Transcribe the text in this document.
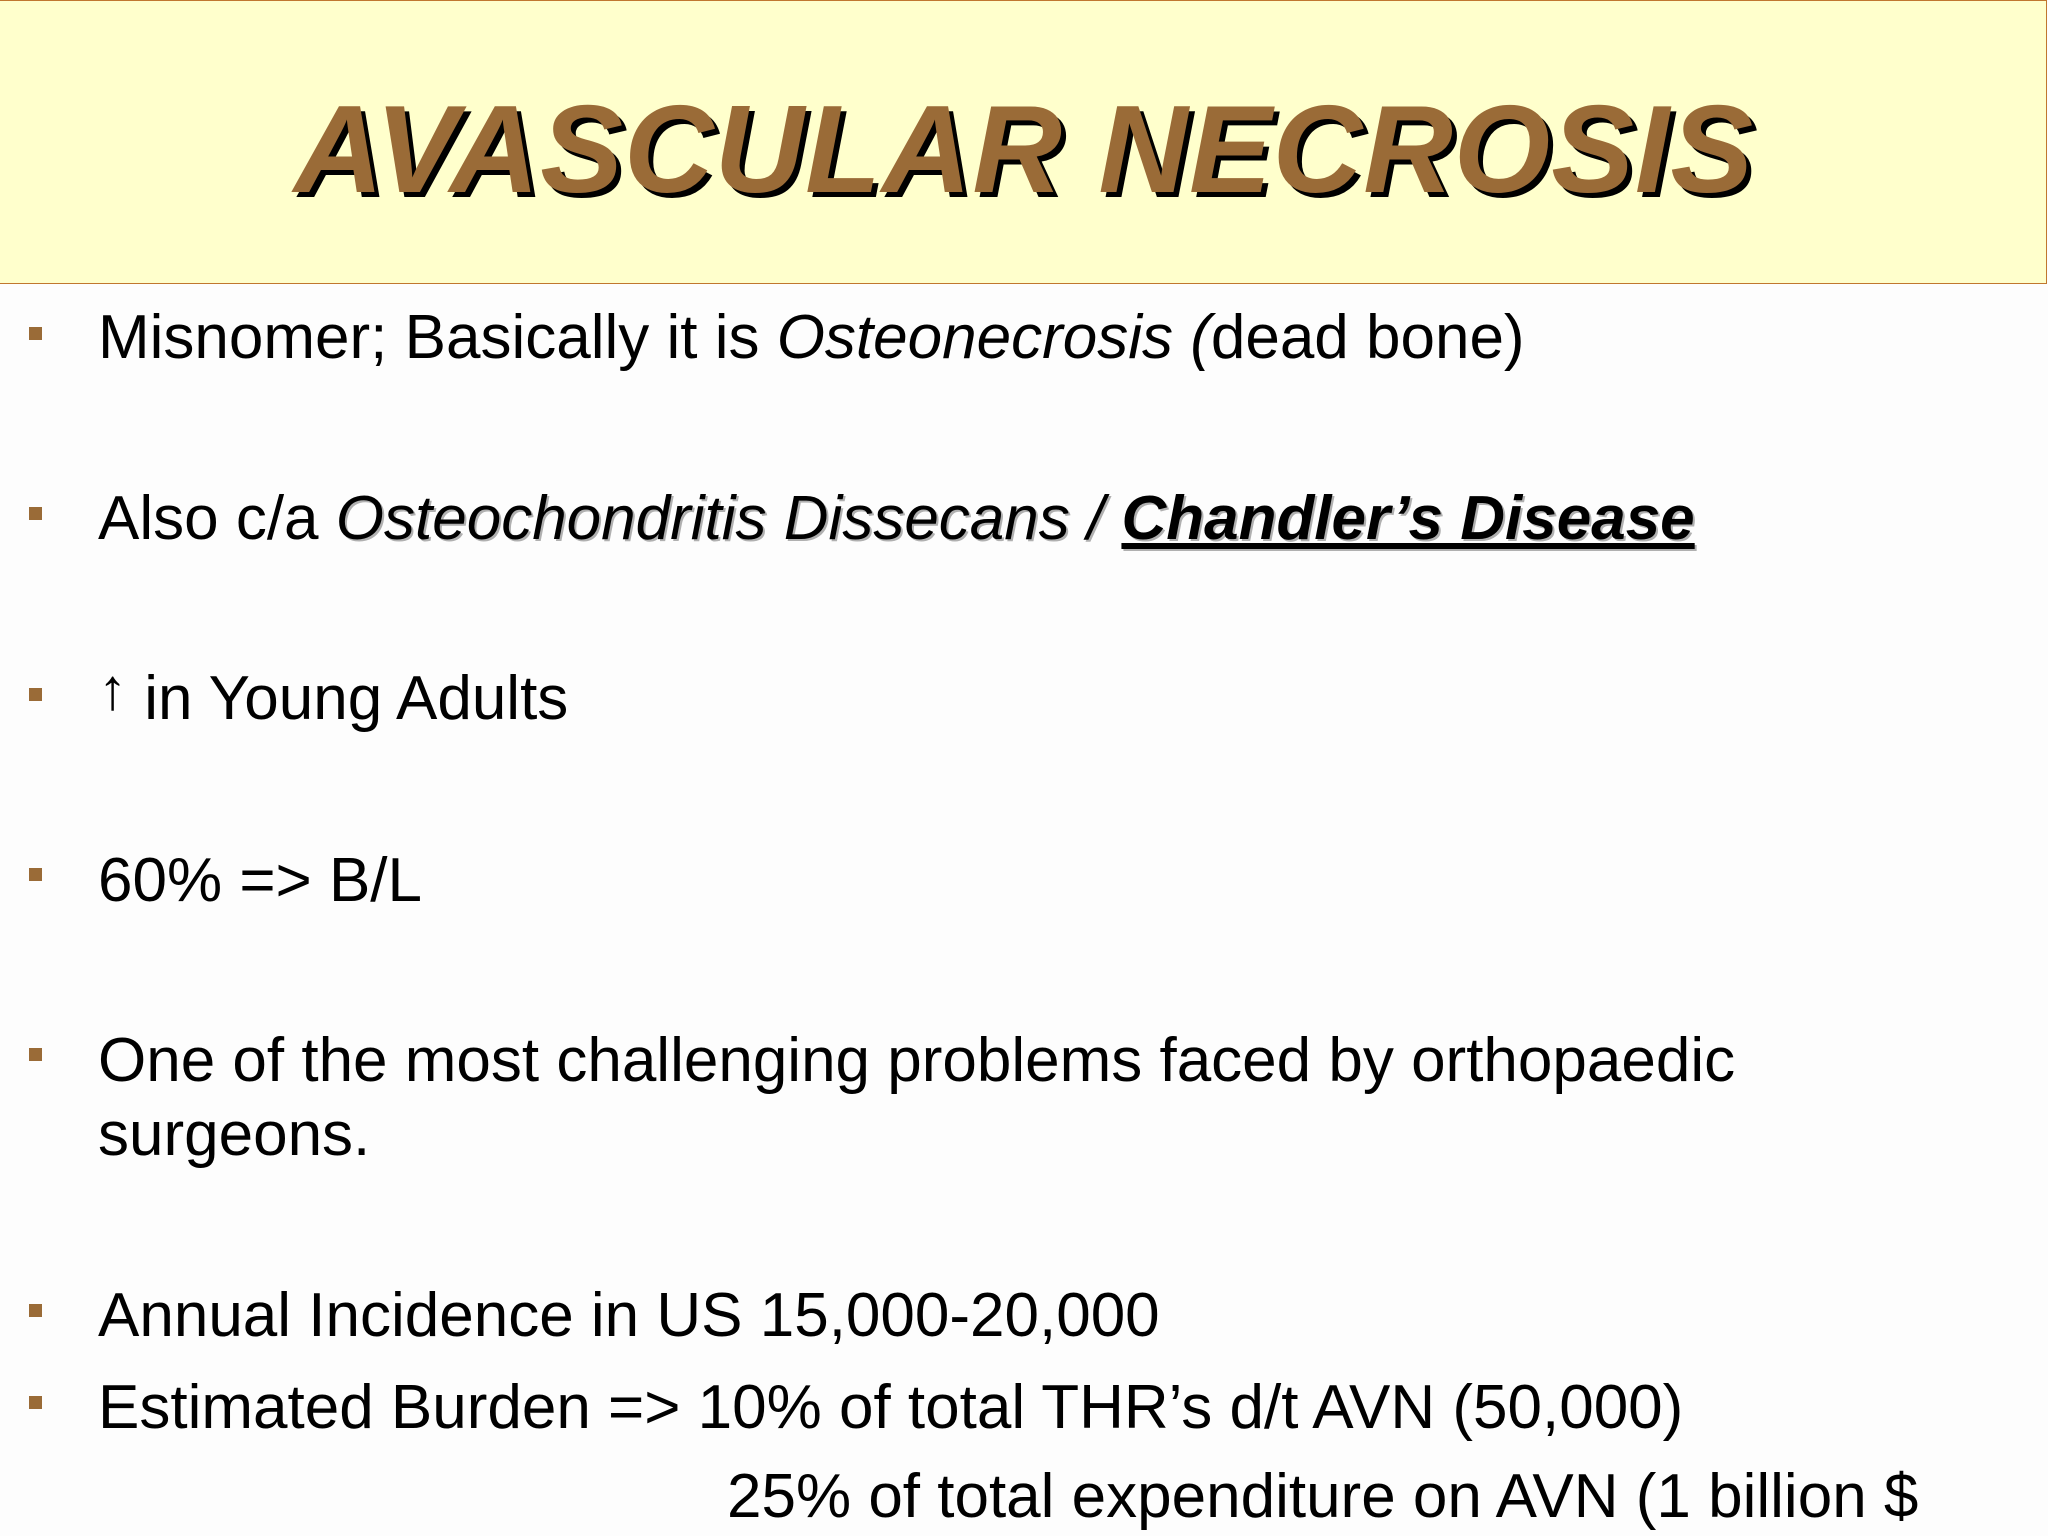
AVASCULAR NECROSIS
Misnomer; Basically it is Osteonecrosis (dead bone)
Also c/a Osteochondritis Dissecans / Chandler’s Disease
↑ in Young Adults
60% => B/L
One of the most challenging problems faced by orthopaedic
surgeons.
Annual Incidence in US 15,000-20,000
Estimated Burden => 10% of total THR’s d/t AVN (50,000)
25% of total expenditure on AVN (1 billion $
